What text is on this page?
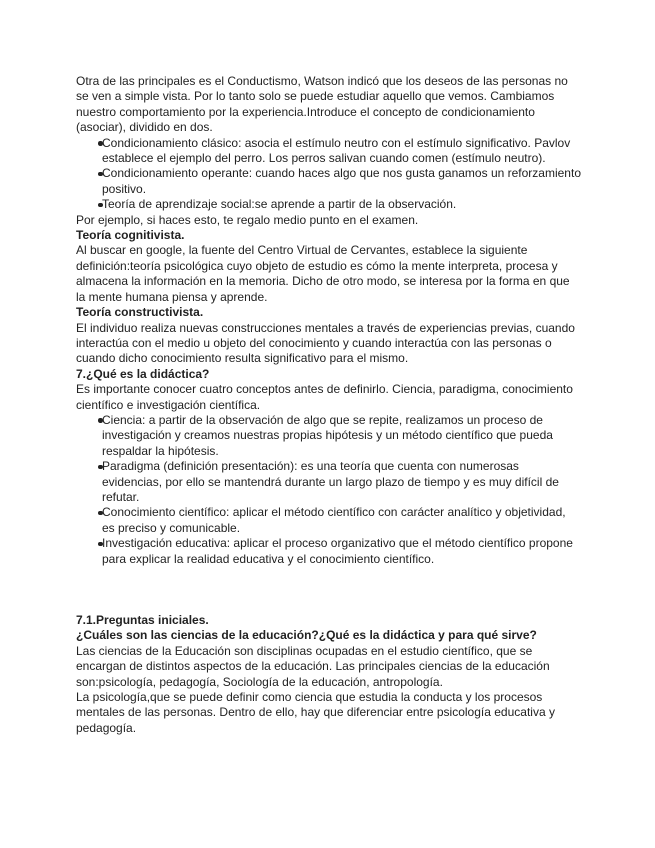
Otra de las principales es el Conductismo, Watson indicó que los deseos de las personas no se ven a simple vista. Por lo tanto solo se puede estudiar aquello que vemos. Cambiamos nuestro comportamiento por la experiencia.Introduce el concepto de condicionamiento (asociar), dividido en dos.

Condicionamiento clásico: asocia el estímulo neutro con el estímulo significativo. Pavlov establece el ejemplo del perro. Los perros salivan cuando comen (estímulo neutro).
Condicionamiento operante: cuando haces algo que nos gusta ganamos un reforzamiento positivo.
Teoría de aprendizaje social:se aprende a partir de la observación.

Por ejemplo, si haces esto, te regalo medio punto en el examen.

Teoría cognitivista.

Al buscar en google, la fuente del Centro Virtual de Cervantes, establece la siguiente definición:teoría psicológica cuyo objeto de estudio es cómo la mente interpreta, procesa y almacena la información en la memoria. Dicho de otro modo, se interesa por la forma en que la mente humana piensa y aprende.

Teoría constructivista.

El individuo realiza nuevas construcciones mentales a través de experiencias previas, cuando interactúa con el medio u objeto del conocimiento y cuando interactúa con las personas o cuando dicho conocimiento resulta significativo para el mismo.

7.¿Qué es la didáctica?

Es importante conocer cuatro conceptos antes de definirlo. Ciencia, paradigma, conocimiento científico e investigación científica.

Ciencia: a partir de la observación de algo que se repite, realizamos un proceso de investigación y creamos nuestras propias hipótesis y un método científico que pueda respaldar la hipótesis.
Paradigma (definición presentación): es una teoría que cuenta con numerosas evidencias, por ello se mantendrá durante un largo plazo de tiempo y es muy difícil de refutar.
Conocimiento científico: aplicar el método científico con carácter analítico y objetividad, es preciso y comunicable.
Investigación educativa: aplicar el proceso organizativo que el método científico propone para explicar la realidad educativa y el conocimiento científico.
7.1.Preguntas iniciales.
¿Cuáles son las ciencias de la educación?¿Qué es la didáctica y para qué sirve?

Las ciencias de la Educación son disciplinas ocupadas en el estudio científico, que se encargan de distintos aspectos de la educación. Las principales ciencias de la educación son:psicología, pedagogía, Sociología de la educación, antropología.

La psicología,que se puede definir como ciencia que estudia la conducta y los procesos mentales de las personas. Dentro de ello, hay que diferenciar entre psicología educativa y pedagogía.
